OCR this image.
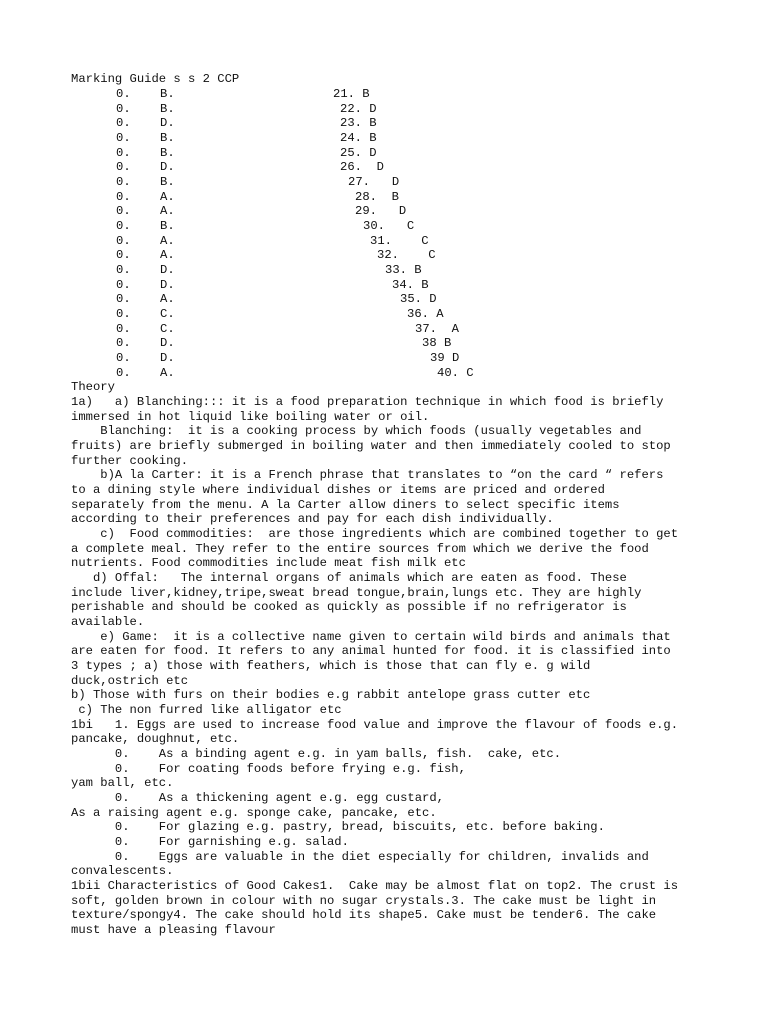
Marking Guide s s 2 CCP
0. B.	21. B
0. B.	22. D
0. D.	23. B
0. B.	24. B
0. B.	25. D
0. D.	26.  D
0. B.	27.   D
0. A.	28.  B
0. A.	29.   D
0. B.	30.   C
0. A.	31.    C
0. A.	32.    C
0. D.	33. B
0. D.	34. B
0. A.	35. D
0. C.	36. A
0. C.	37.  A
0. D.	38 B
0. D.	39 D
0. A.	40. C
Theory
1a)   a) Blanching::: it is a food preparation technique in which food is briefly
immersed in hot liquid like boiling water or oil.
Blanching:  it is a cooking process by which foods (usually vegetables and
fruits) are briefly submerged in boiling water and then immediately cooled to stop
further cooking.
b)A la Carter: it is a French phrase that translates to “on the card “ refers
to a dining style where individual dishes or items are priced and ordered
separately from the menu. A la Carter allow diners to select specific items
according to their preferences and pay for each dish individually.
c)  Food commodities:  are those ingredients which are combined together to get
a complete meal. They refer to the entire sources from which we derive the food
nutrients. Food commodities include meat fish milk etc
d) Offal:   The internal organs of animals which are eaten as food. These
include liver,kidney,tripe,sweat bread tongue,brain,lungs etc. They are highly
perishable and should be cooked as quickly as possible if no refrigerator is
available.
e) Game:  it is a collective name given to certain wild birds and animals that
are eaten for food. It refers to any animal hunted for food. it is classified into
3 types ; a) those with feathers, which is those that can fly e. g wild
duck,ostrich etc
b) Those with furs on their bodies e.g rabbit antelope grass cutter etc
c) The non furred like alligator etc
1bi   1. Eggs are used to increase food value and improve the flavour of foods e.g.
pancake, doughnut, etc.
0.    As a binding agent e.g. in yam balls, fish.  cake, etc.
0.    For coating foods before frying e.g. fish,
yam ball, etc.
0.    As a thickening agent e.g. egg custard,
As a raising agent e.g. sponge cake, pancake, etc.
0.    For glazing e.g. pastry, bread, biscuits, etc. before baking.
0.    For garnishing e.g. salad.
0.    Eggs are valuable in the diet especially for children, invalids and
convalescents.
1bii Characteristics of Good Cakes1.  Cake may be almost flat on top2. The crust is
soft, golden brown in colour with no sugar crystals.3. The cake must be light in
texture/spongy4. The cake should hold its shape5. Cake must be tender6. The cake
must have a pleasing flavour
